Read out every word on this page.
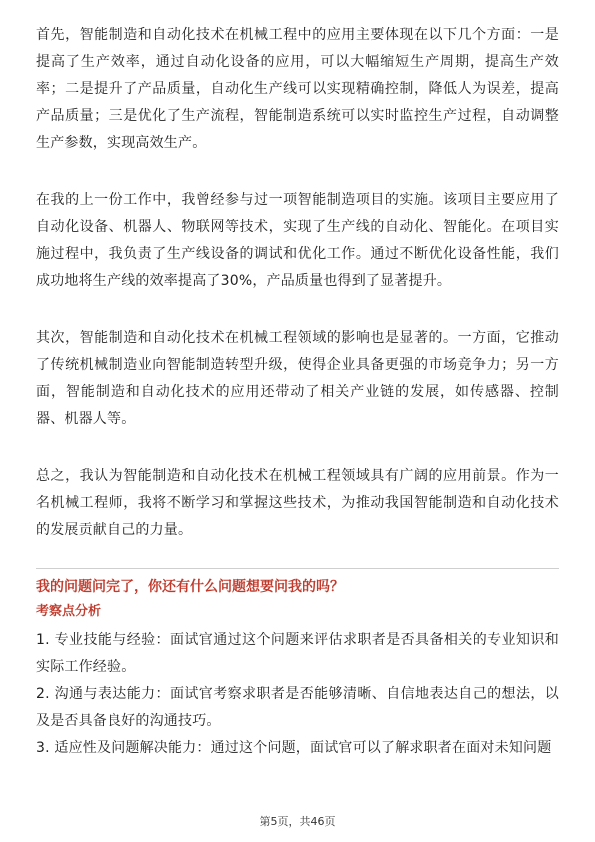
首先，智能制造和自动化技术在机械工程中的应用主要体现在以下几个方面：一是提高了生产效率，通过自动化设备的应用，可以大幅缩短生产周期，提高生产效率；二是提升了产品质量，自动化生产线可以实现精确控制，降低人为误差，提高产品质量；三是优化了生产流程，智能制造系统可以实时监控生产过程，自动调整生产参数，实现高效生产。

在我的上一份工作中，我曾经参与过一项智能制造项目的实施。该项目主要应用了自动化设备、机器人、物联网等技术，实现了生产线的自动化、智能化。在项目实施过程中，我负责了生产线设备的调试和优化工作。通过不断优化设备性能，我们成功地将生产线的效率提高了30%，产品质量也得到了显著提升。

其次，智能制造和自动化技术在机械工程领域的影响也是显著的。一方面，它推动了传统机械制造业向智能制造转型升级，使得企业具备更强的市场竞争力；另一方面，智能制造和自动化技术的应用还带动了相关产业链的发展，如传感器、控制器、机器人等。

总之，我认为智能制造和自动化技术在机械工程领域具有广阔的应用前景。作为一名机械工程师，我将不断学习和掌握这些技术，为推动我国智能制造和自动化技术的发展贡献自己的力量。

我的问题问完了，你还有什么问题想要问我的吗？
考察点分析
1. 专业技能与经验：面试官通过这个问题来评估求职者是否具备相关的专业知识和实际工作经验。
2. 沟通与表达能力：面试官考察求职者是否能够清晰、自信地表达自己的想法，以及是否具备良好的沟通技巧。
3. 适应性及问题解决能力：通过这个问题，面试官可以了解求职者在面对未知问题
第5页，共46页
